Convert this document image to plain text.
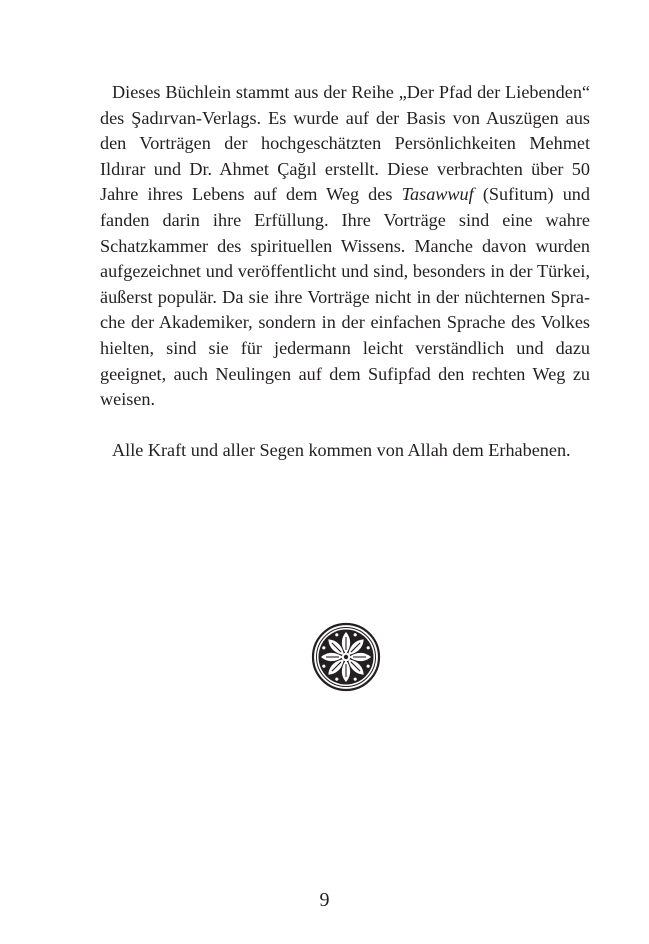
Dieses Büchlein stammt aus der Reihe „Der Pfad der Liebenden“ des Şadırvan-Verlags. Es wurde auf der Basis von Auszügen aus den Vorträgen der hochgeschätzten Persönlichkeiten Mehmet Ildırar und Dr. Ahmet Çağıl erstellt. Diese verbrachten über 50 Jahre ihres Lebens auf dem Weg des Tasawwuf (Sufitum) und fanden darin ihre Erfüllung. Ihre Vorträge sind eine wahre Schatzkammer des spirituellen Wissens. Manche davon wurden aufgezeichnet und veröffentlicht und sind, besonders in der Türkei, äußerst populär. Da sie ihre Vorträge nicht in der nüchternen Sprache der Akademiker, sondern in der einfachen Sprache des Volkes hielten, sind sie für jedermann leicht verständlich und dazu geeignet, auch Neulingen auf dem Sufipfad den rechten Weg zu weisen.

Alle Kraft und aller Segen kommen von Allah dem Erhabenen.

9
